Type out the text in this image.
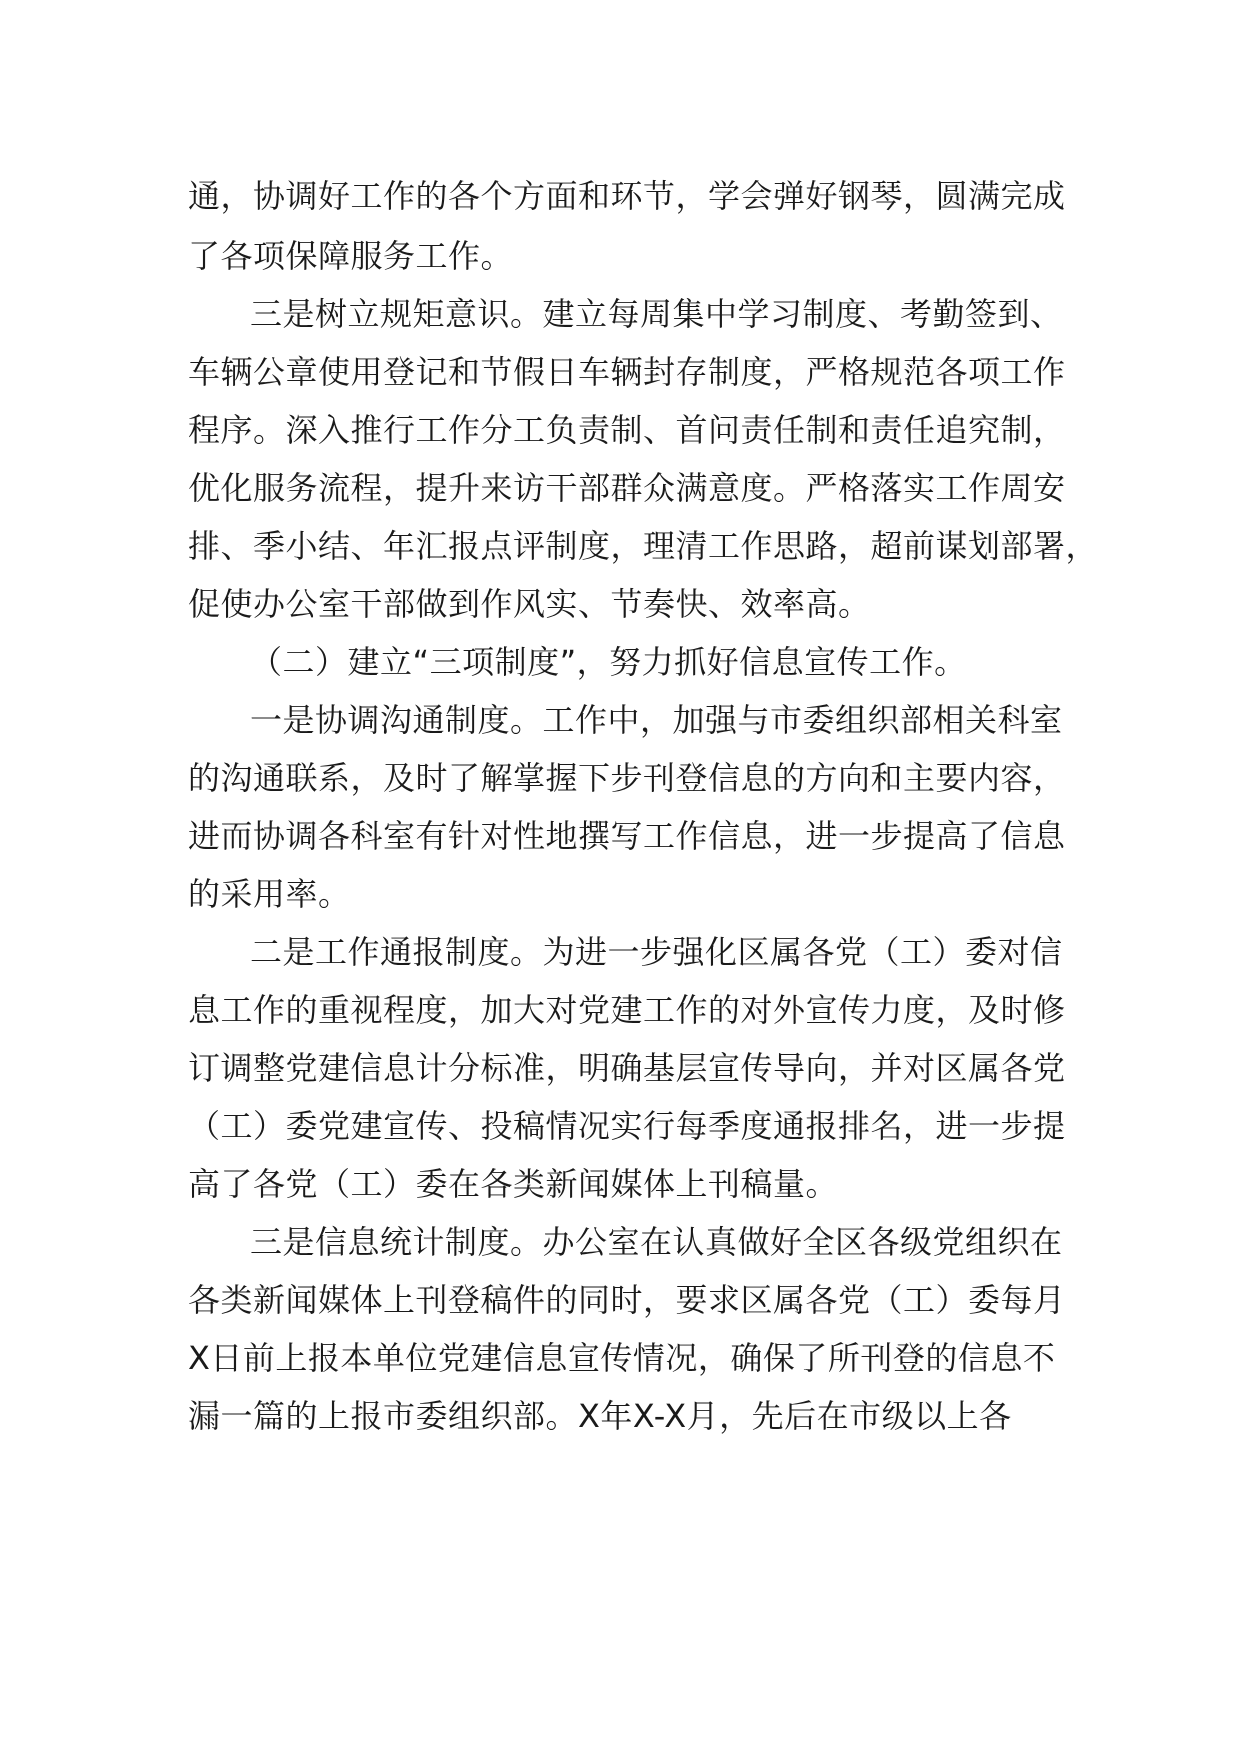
通，协调好工作的各个方面和环节，学会弹好钢琴，圆满完成
了各项保障服务工作。
三是树立规矩意识。建立每周集中学习制度、考勤签到、
车辆公章使用登记和节假日车辆封存制度，严格规范各项工作
程序。深入推行工作分工负责制、首问责任制和责任追究制，
优化服务流程，提升来访干部群众满意度。严格落实工作周安
排、季小结、年汇报点评制度，理清工作思路，超前谋划部署，
促使办公室干部做到作风实、节奏快、效率高。
（二）建立“三项制度”，努力抓好信息宣传工作。
一是协调沟通制度。工作中，加强与市委组织部相关科室
的沟通联系，及时了解掌握下步刊登信息的方向和主要内容，
进而协调各科室有针对性地撰写工作信息，进一步提高了信息
的采用率。
二是工作通报制度。为进一步强化区属各党（工）委对信
息工作的重视程度，加大对党建工作的对外宣传力度，及时修
订调整党建信息计分标准，明确基层宣传导向，并对区属各党
（工）委党建宣传、投稿情况实行每季度通报排名，进一步提
高了各党（工）委在各类新闻媒体上刊稿量。
三是信息统计制度。办公室在认真做好全区各级党组织在
各类新闻媒体上刊登稿件的同时，要求区属各党（工）委每月
X日前上报本单位党建信息宣传情况，确保了所刊登的信息不
漏一篇的上报市委组织部。X年X-X月，先后在市级以上各
